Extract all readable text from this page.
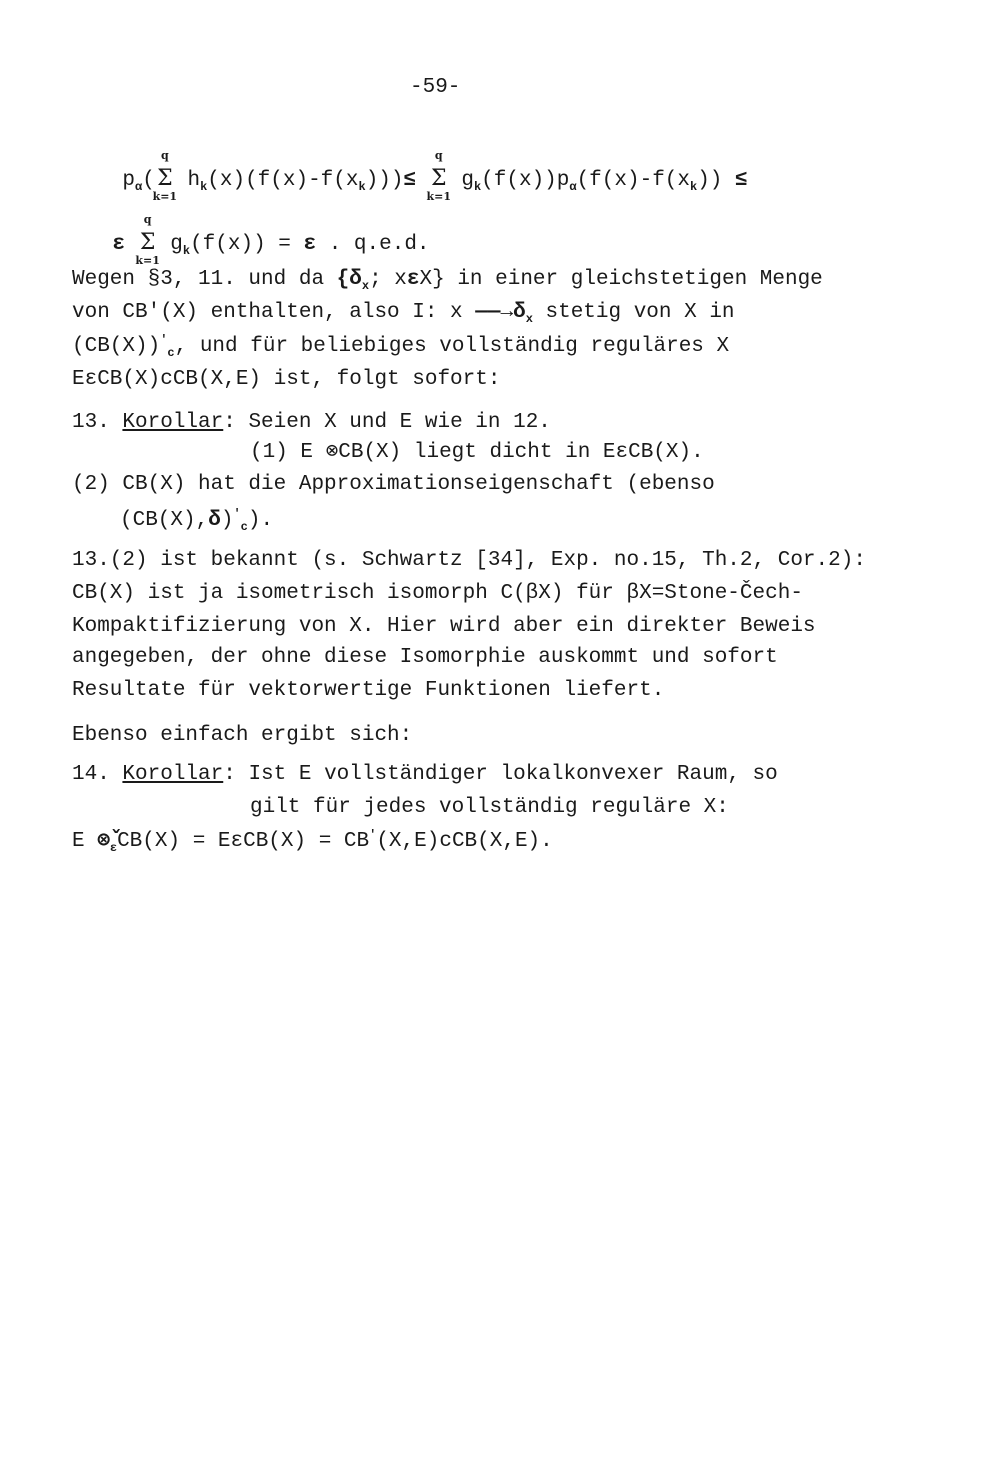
-59-

$p_\alpha$( Σ
q
k=1
$h_k(x)(f(x)-f(x_k)))\le \Sigma$
q
k=1
$g_k(f(x))p_\alpha(f(x)-f(x_k))$ ≤

ε Σ
q
k=1
$g_k(f(x)) = \varepsilon$ . q.e.d.

Wegen §3, 11. und da {$\delta_x$; xεX} in einer gleichstetigen Menge
von CB'(X) enthalten, also I: x $——\to\delta_x$ stetig von X in
$(CB(X))'_c$, und für beliebiges vollständig reguläres X
EεCB(X)cCB(X,E) ist, folgt sofort:
13. Korollar: Seien X und E wie in 12.
(1) E ⊗CB(X) liegt dicht in EεCB(X).
(2) CB(X) hat die Approximationseigenschaft (ebenso
$(CB(X),\delta)'_c$).
13.(2) ist bekannt (s. Schwartz [34], Exp. no.15, Th.2, Cor.2):
CB(X) ist ja isometrisch isomorph C(βX) für βX=Stone-Čech-
Kompaktifizierung von X. Hier wird aber ein direkter Beweis
angegeben, der ohne diese Isomorphie auskommt und sofort
Resultate für vektorwertige Funktionen liefert.
Ebenso einfach ergibt sich:
14. Korollar: Ist E vollständiger lokalkonvexer Raum, so
gilt für jedes vollständig reguläre X:
E $\otimeš_\varepsilon CB(X) = E\varepsilon CB(X) = CB'(X,E)cCB(X,E)$.
